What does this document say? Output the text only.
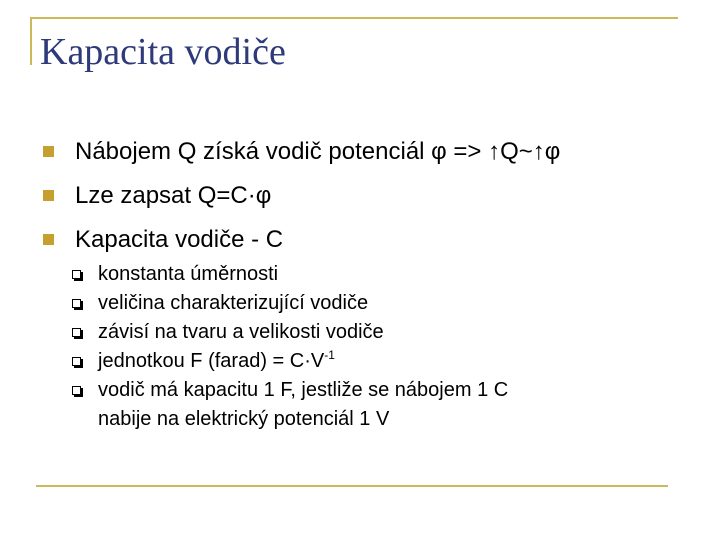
Kapacita vodiče
Nábojem Q získá vodič potenciál φ => ↑Q~↑φ
Lze zapsat Q=C·φ
Kapacita vodiče - C
konstanta úměrnosti
veličina charakterizující vodiče
závisí na tvaru a velikosti vodiče
jednotkou F (farad) = $C\cdot V^{-1}$
vodič má kapacitu 1 F, jestliže se nábojem 1 C
nabije na elektrický potenciál 1 V
